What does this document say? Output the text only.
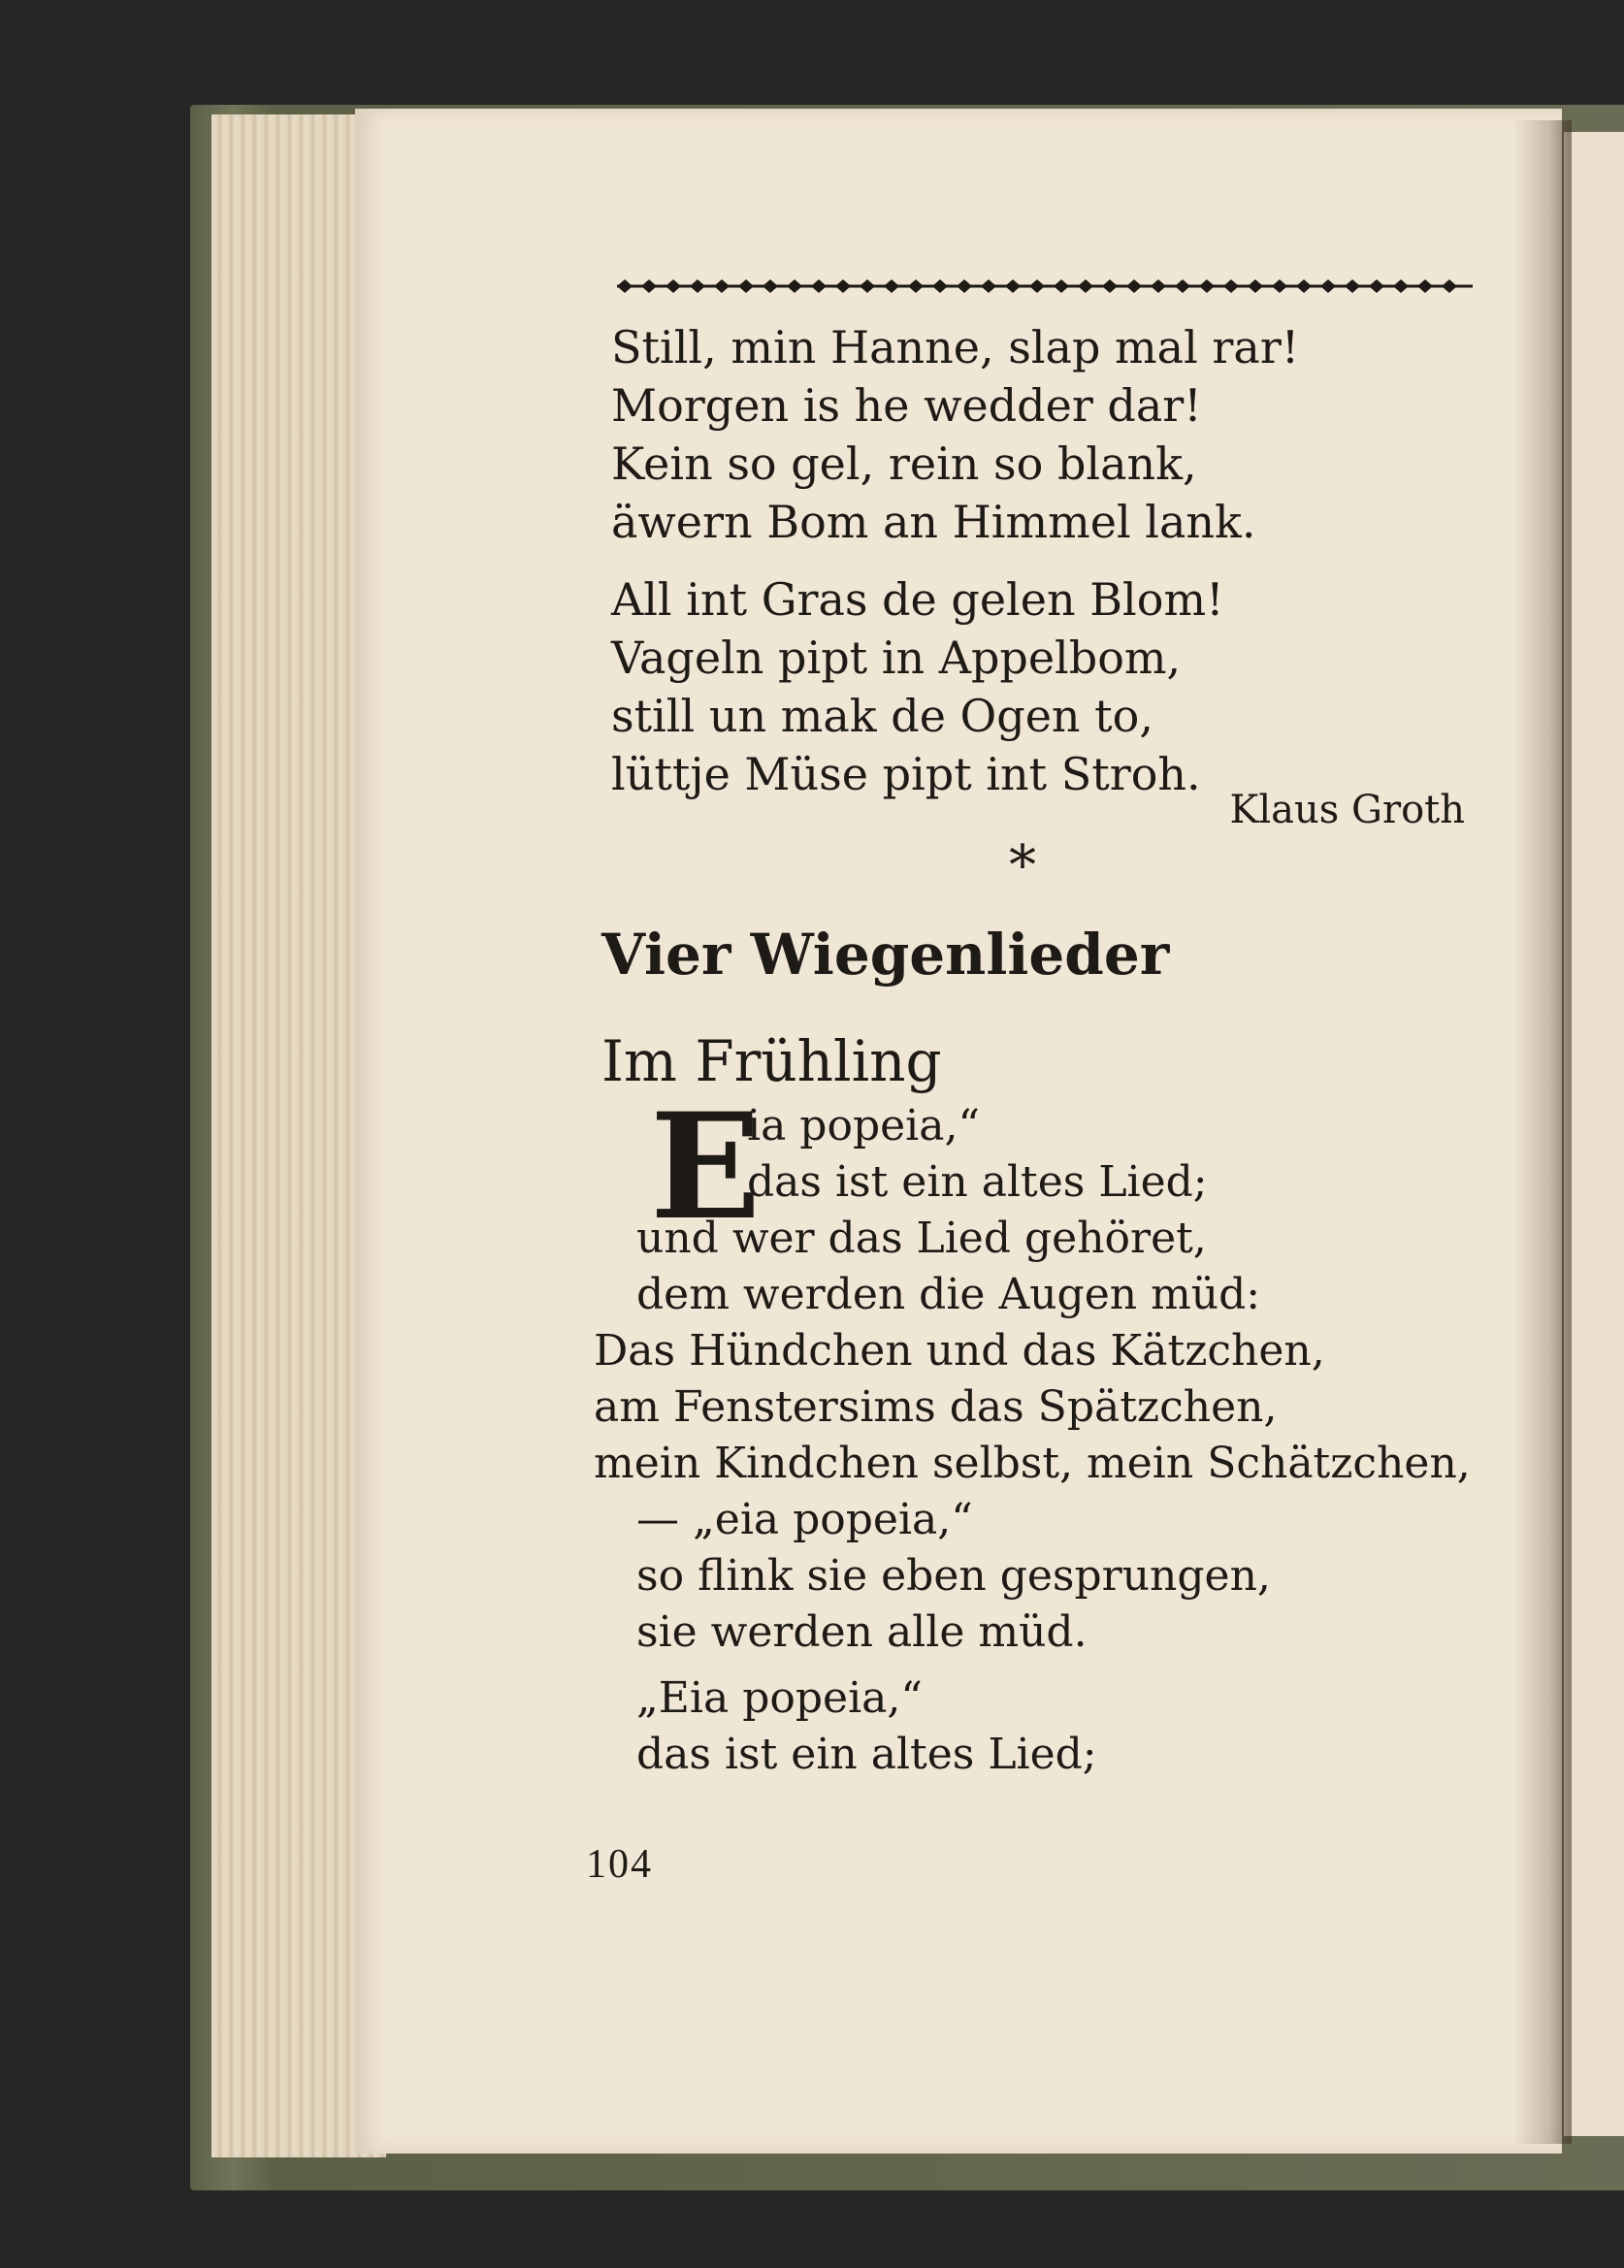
Still, min Hanne, slap mal rar!
Morgen is he wedder dar!
Kein so gel, rein so blank,
äwern Bom an Himmel lank.
All int Gras de gelen Blom!
Vageln pipt in Appelbom,
still un mak de Ogen to,
lüttje Müse pipt int Stroh.
Klaus Groth
*
Vier Wiegenlieder
Im Frühling
E
ia popeia,“
das ist ein altes Lied;
und wer das Lied gehöret,
dem werden die Augen müd:
Das Hündchen und das Kätzchen,
am Fenstersims das Spätzchen,
mein Kindchen selbst, mein Schätzchen,
— „eia popeia,“
so flink sie eben gesprungen,
sie werden alle müd.
„Eia popeia,“
das ist ein altes Lied;
104
